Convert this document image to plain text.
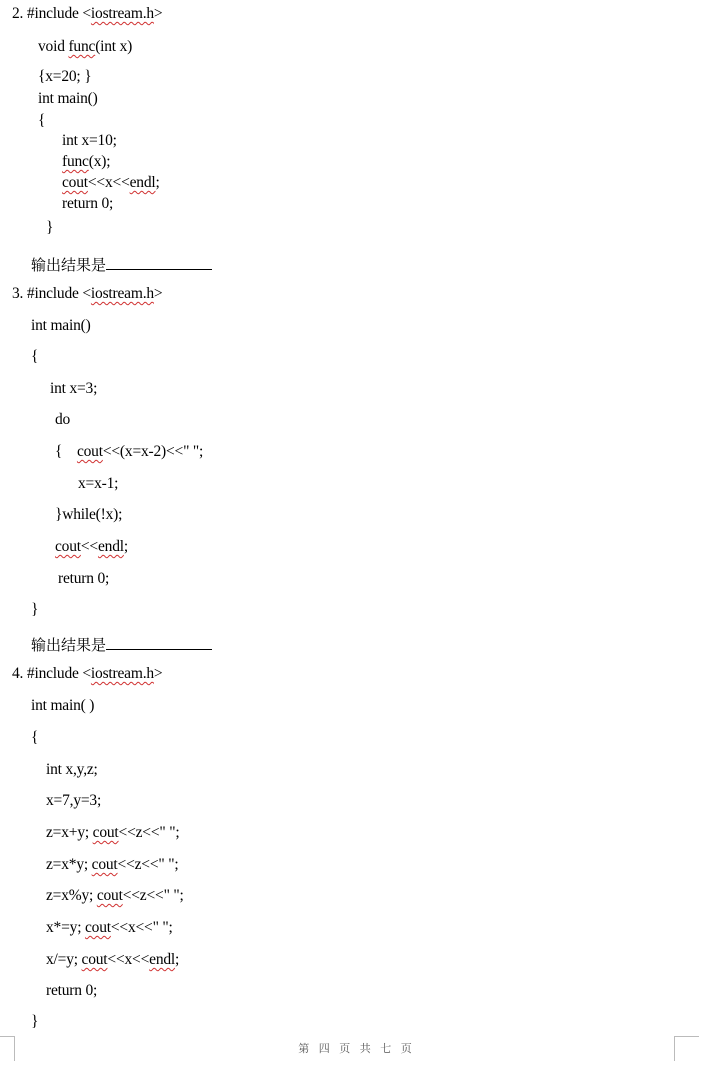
2. #include <iostream.h>
void func(int x)
{x=20; }
int main()
{
int x=10;
func(x);
cout<<x<<endl;
return 0;
}
输出结果是
3. #include <iostream.h>
int main()
{
int x=3;
do
{    cout<<(x=x-2)<<" ";
x=x-1;
}while(!x);
cout<<endl;
return 0;
}
输出结果是
4. #include <iostream.h>
int main( )
{
int x,y,z;
x=7,y=3;
z=x+y; cout<<z<<" ";
z=x*y; cout<<z<<" ";
z=x%y; cout<<z<<" ";
x*=y; cout<<x<<" ";
x/=y; cout<<x<<endl;
return 0;
}
第 四 页 共 七 页
